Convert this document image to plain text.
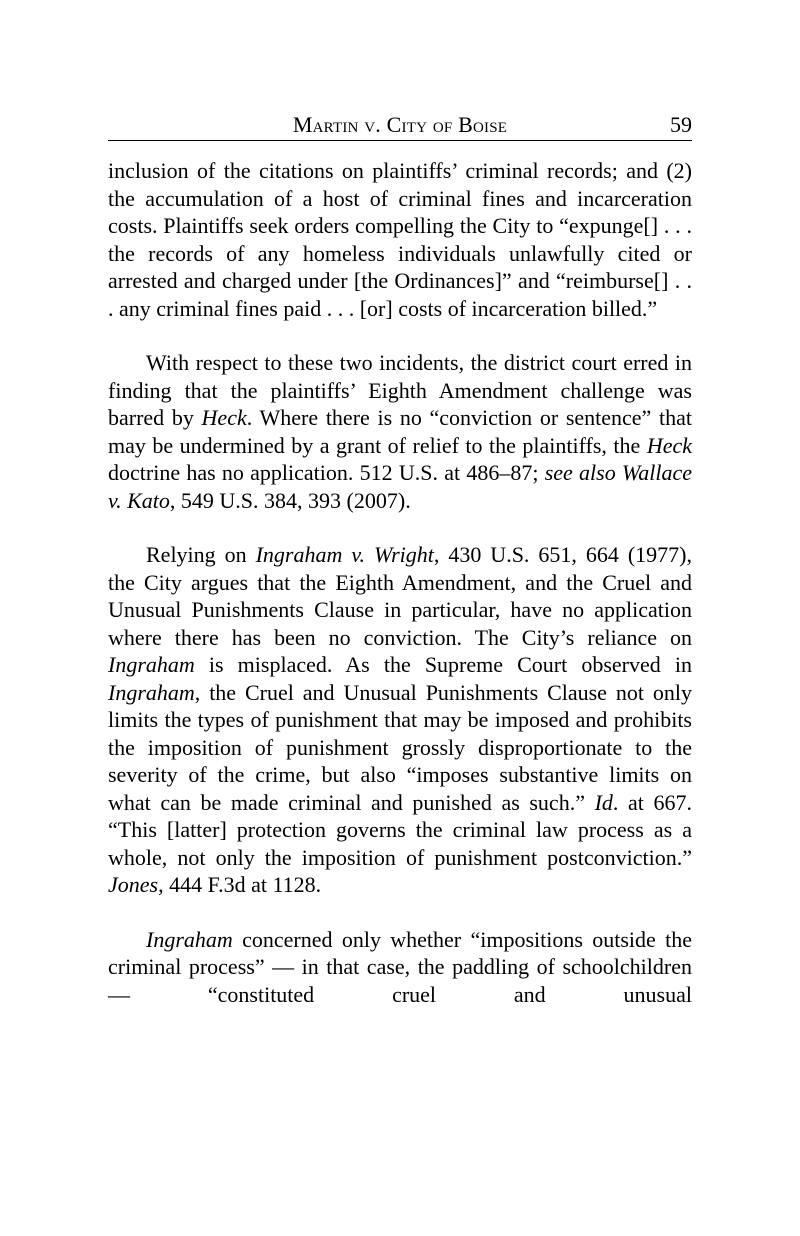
Martin v. City of Boise	59

inclusion of the citations on plaintiffs’ criminal records; and (2) the accumulation of a host of criminal fines and incarceration costs. Plaintiffs seek orders compelling the City to “expunge[] . . . the records of any homeless individuals unlawfully cited or arrested and charged under [the Ordinances]” and “reimburse[] . . . any criminal fines paid . . . [or] costs of incarceration billed.”

With respect to these two incidents, the district court erred in finding that the plaintiffs’ Eighth Amendment challenge was barred by Heck. Where there is no “conviction or sentence” that may be undermined by a grant of relief to the plaintiffs, the Heck doctrine has no application. 512 U.S. at 486–87; see also Wallace v. Kato, 549 U.S. 384, 393 (2007).

Relying on Ingraham v. Wright, 430 U.S. 651, 664 (1977), the City argues that the Eighth Amendment, and the Cruel and Unusual Punishments Clause in particular, have no application where there has been no conviction. The City’s reliance on Ingraham is misplaced. As the Supreme Court observed in Ingraham, the Cruel and Unusual Punishments Clause not only limits the types of punishment that may be imposed and prohibits the imposition of punishment grossly disproportionate to the severity of the crime, but also “imposes substantive limits on what can be made criminal and punished as such.” Id. at 667. “This [latter] protection governs the criminal law process as a whole, not only the imposition of punishment postconviction.” Jones, 444 F.3d at 1128.

Ingraham concerned only whether “impositions outside the criminal process” — in that case, the paddling of schoolchildren — “constituted cruel and unusual
